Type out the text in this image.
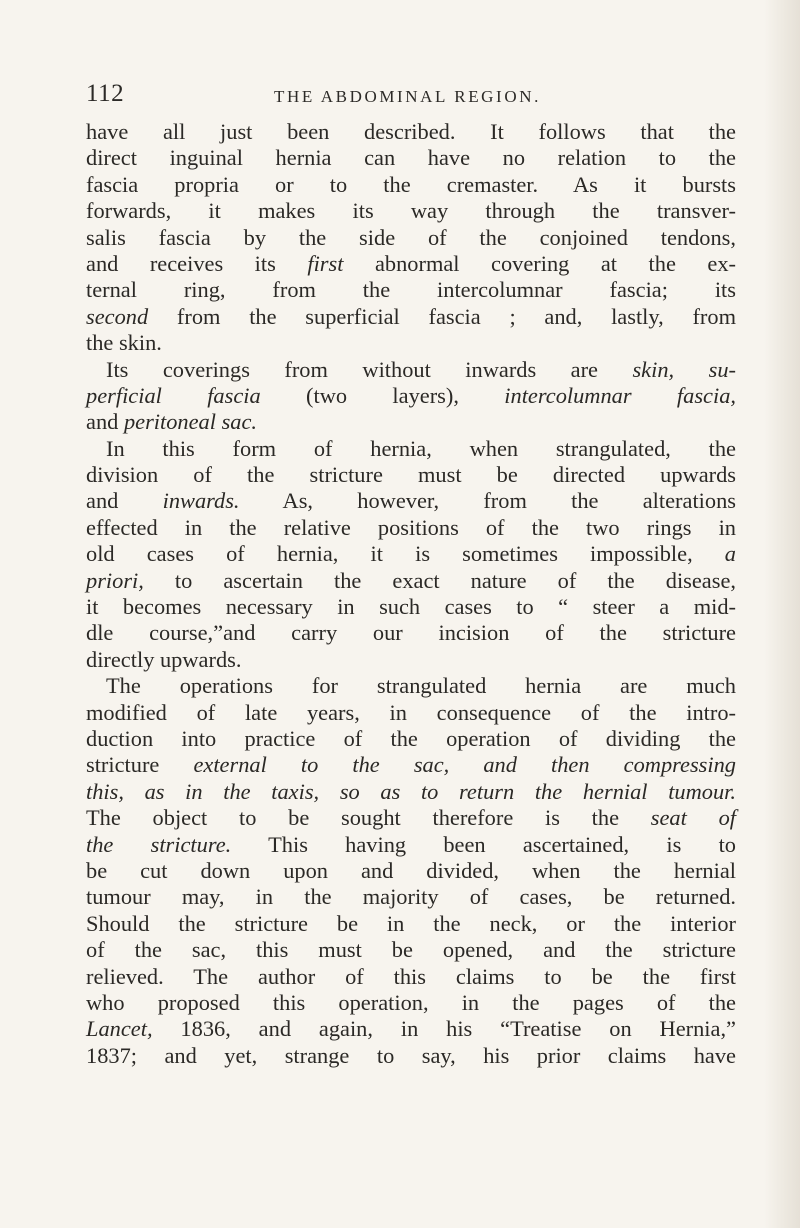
112	THE ABDOMINAL REGION.
have all just been described. It follows that the
direct inguinal hernia can have no relation to the
fascia propria or to the cremaster. As it bursts
forwards, it makes its way through the transver-
salis fascia by the side of the conjoined tendons,
and receives its first abnormal covering at the ex-
ternal ring, from the intercolumnar fascia; its
second from the superficial fascia ; and, lastly, from
the skin.
Its coverings from without inwards are skin, su-
perficial fascia (two layers), intercolumnar fascia,
and peritoneal sac.
In this form of hernia, when strangulated, the
division of the stricture must be directed upwards
and inwards. As, however, from the alterations
effected in the relative positions of the two rings in
old cases of hernia, it is sometimes impossible, a
priori, to ascertain the exact nature of the disease,
it becomes necessary in such cases to “ steer a mid-
dle course,”and carry our incision of the stricture
directly upwards.
The operations for strangulated hernia are much
modified of late years, in consequence of the intro-
duction into practice of the operation of dividing the
stricture external to the sac, and then compressing
this, as in the taxis, so as to return the hernial tumour.
The object to be sought therefore is the seat of
the stricture. This having been ascertained, is to
be cut down upon and divided, when the hernial
tumour may, in the majority of cases, be returned.
Should the stricture be in the neck, or the interior
of the sac, this must be opened, and the stricture
relieved. The author of this claims to be the first
who proposed this operation, in the pages of the
Lancet, 1836, and again, in his “Treatise on Hernia,”
1837; and yet, strange to say, his prior claims have
